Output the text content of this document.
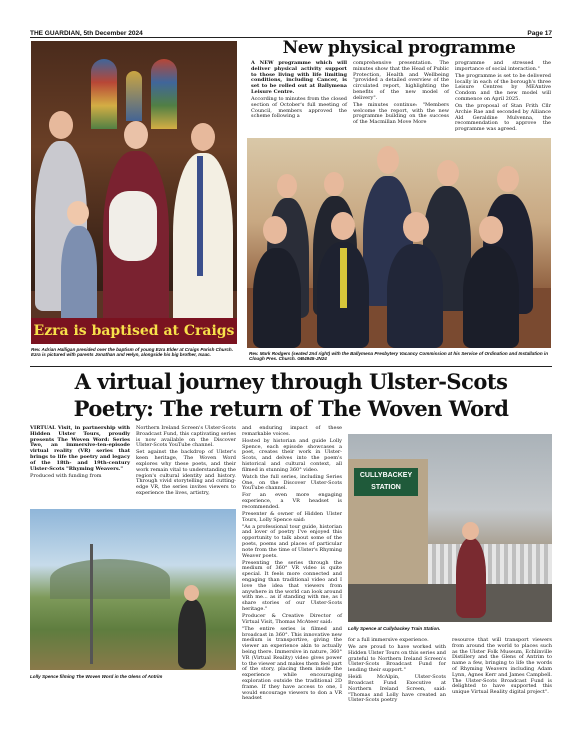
THE GUARDIAN, 5th December 2024	Page 17
Ezra is baptised at Craigs
Rev. Adrian Halligan presided over the baptism of young Ezra Elder at Craigs Parish Church. Ezra is pictured with parents Jonathan and Helyn, alongside his big brother, Isaac.
New physical programme

A NEW programme which will deliver physical activity support to those living with life limiting conditions, including Cancer, is set to be rolled out at Ballymena Leisure Centre.

According to minutes from the closed section of October's full meeting of Council, members approved the scheme following a

comprehensive presentation. The minutes show that the Head of Public Protection, Health and Wellbeing "provided a detailed overview of the circulated report, highlighting the benefits of the new model of delivery".

The minutes continue: "Members welcome the report, with the new programme building on the success of the Macmillan Move More

programme and stressed the importance of social interaction."

The programme is set to be delivered locally in each of the borough's three Leisure Centres by MEAntive Condom and the new model will commence on April 2025.

On the proposal of Stan Frith Cllr Archie Rae and seconded by Alliance Ald Geraldine Mulvenna, the recommendation to approve the programme was agreed.

Rev. Mark Rodgers (seated 2nd right) with the Ballymena Presbytery Vacancy Commission at his Service of Ordination and Installation in Clough Pres. Church. GB4945-JN24
A virtual journey through Ulster-Scots
Poetry: The return of The Woven Word

VIRTUAL Visit, in partnership with Hidden Ulster Tours, proudly presents The Woven Word: Series Two, an immersive-ten-episode virtual reality (VR) series that brings to life the poetry and legacy of the 18th- and 19th-century Ulster-Scots "Rhyming Weavers."

Produced with funding from

Northern Ireland Screen's Ulster-Scots Broadcast Fund, this captivating series is now available on the Discover Ulster-Scots YouTube channel.

Set against the backdrop of Ulster's keen heritage, The Woven Word explores why these poets, and their work remain vital to understanding the region's cultural identity and history. Through vivid storytelling and cutting-edge VR, the series invites viewers to experience the lives, artistry,

Lolly Spence filming The Woven Word in the Glens of Antrim

and enduring impact of these remarkable voices.

Hosted by historian and guide Lolly Spence, each episode showcases a poet, creates their work in Ulster-Scots, and delves into the poem's historical and cultural context, all filmed in stunning 360° video.

Watch the full series, including Series One, on the Discover Ulster-Scots YouTube channel.

For an even more engaging experience, a VR headset is recommended.

Presenter & owner of Hidden Ulster Tours, Lolly Spence said:

"As a professional tour guide, historian and lover of poetry I've enjoyed this opportunity to talk about some of the poets, poems and places of particular note from the time of Ulster's Rhyming Weaver poets.

Presenting the series through the medium of 360° VR video is quite special. It feels more connected and engaging than traditional video and I love the idea that viewers from anywhere in the world can look around with me... as if standing with me, as I share stories of our Ulster-Scots heritage."

Producer & Creative Director of Virtual Visit, Thomas McAteer said:

"The entire series is filmed and broadcast in 360°. This innovative new medium is transportive, giving the viewer an experience akin to actually being there. Immersive in nature, 360° VR (Virtual Reality) video gives power to the viewer and makes them feel part of the story, placing them inside the experience while encouraging exploration outside the traditional 2D frame. If they have access to one, I would encourage viewers to don a VR headset

CULLYBACKEY
STATION
Lolly Spence at Cullybackey Train Station.

for a full immersive experience.

We are proud to have worked with Hidden Ulster Tours on this series and grateful to Northern Ireland Screen's Ulster-Scots Broadcast Fund for lending their support."

Heidi McAlpin, Ulster-Scots Broadcast Fund Executive at Northern Ireland Screen, said: "Thomas and Lolly have created an Ulster-Scots poetry

resource that will transport viewers from around the world to places such as the Ulster Folk Museum, Echlinville Distillery and the Glens of Antrim to name a few, bringing to life the words of Rhyming Weavers including Adam Lynn, Agnes Kerr and James Campbell. The Ulster-Scots Broadcast Fund is delighted to have supported this unique Virtual Reality digital project".
